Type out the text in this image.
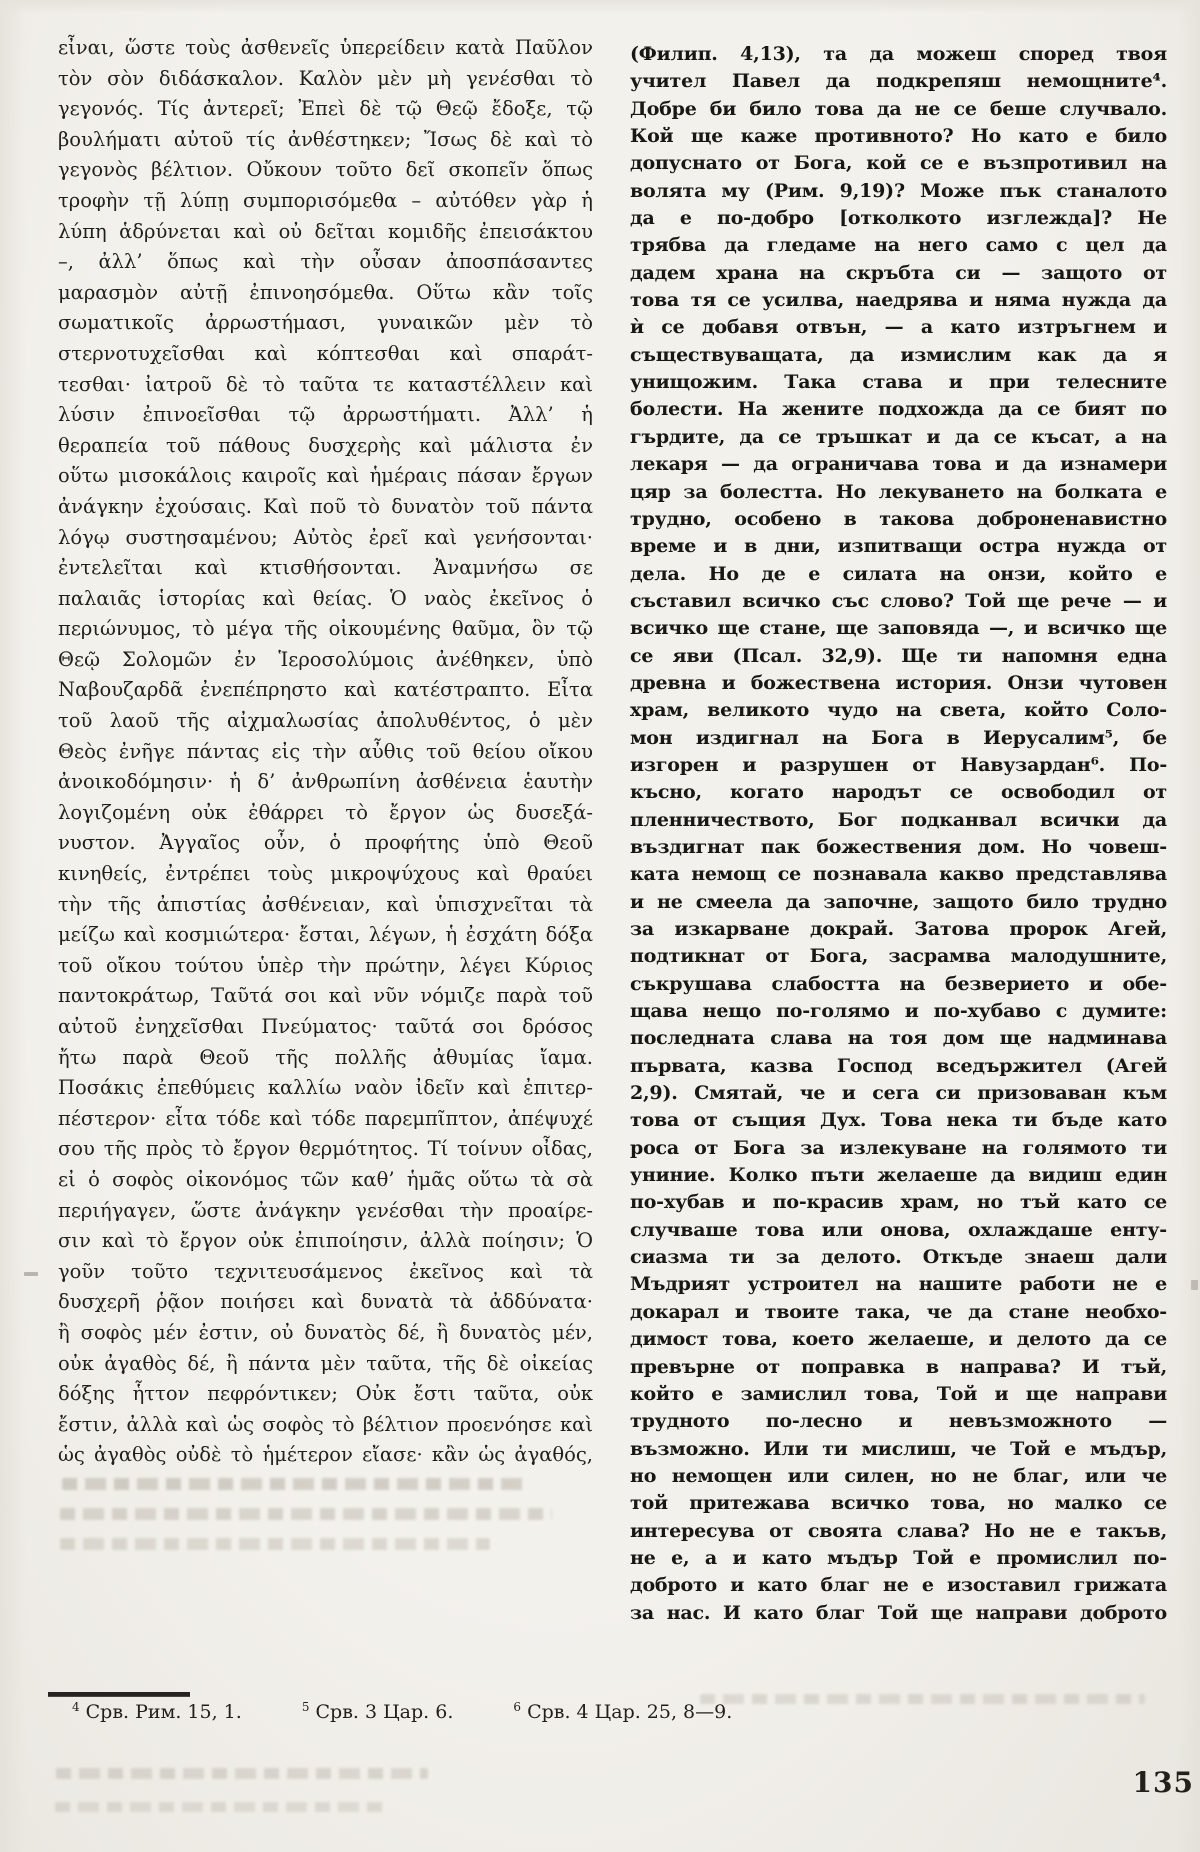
εἶναι, ὥστε τοὺς ἀσθενεῖς ὑπερείδειν κατὰ Παῦλον
τὸν σὸν διδάσκαλον. Καλὸν μὲν μὴ γενέσθαι τὸ
γεγονός. Τίς ἀντερεῖ; Ἐπεὶ δὲ τῷ Θεῷ ἔδοξε, τῷ
βουλήματι αὐτοῦ τίς ἀνθέστηκεν; Ἴσως δὲ καὶ τὸ
γεγονὸς βέλτιον. Οὔκουν τοῦτο δεῖ σκοπεῖν ὅπως
τροφὴν τῇ λύπῃ συμπορισόμεθα – αὐτόθεν γὰρ ἡ
λύπη ἁδρύνεται καὶ οὐ δεῖται κομιδῆς ἐπεισάκτου
–, ἀλλ’ ὅπως καὶ τὴν οὖσαν ἀποσπάσαντες
μαρασμὸν αὐτῇ ἐπινοησόμεθα. Οὕτω κἂν τοῖς
σωματικοῖς ἀρρωστήμασι, γυναικῶν μὲν τὸ
στερνοτυχεῖσθαι καὶ κόπτεσθαι καὶ σπαράτ-
τεσθαι· ἰατροῦ δὲ τὸ ταῦτα τε καταστέλλειν καὶ
λύσιν ἐπινοεῖσθαι τῷ ἀρρωστήματι. Ἀλλ’ ἡ
θεραπεία τοῦ πάθους δυσχερὴς καὶ μάλιστα ἐν
οὕτω μισοκάλοις καιροῖς καὶ ἡμέραις πάσαν ἔργων
ἀνάγκην ἐχούσαις. Καὶ ποῦ τὸ δυνατὸν τοῦ πάντα
λόγῳ συστησαμένου; Αὐτὸς ἐρεῖ καὶ γενήσονται·
ἐντελεῖται καὶ κτισθήσονται. Ἀναμνήσω σε
παλαιᾶς ἱστορίας καὶ θείας. Ὁ ναὸς ἐκεῖνος ὁ
περιώνυμος, τὸ μέγα τῆς οἰκουμένης θαῦμα, ὃν τῷ
Θεῷ Σολομῶν ἐν Ἱεροσολύμοις ἀνέθηκεν, ὑπὸ
Ναβουζαρδᾶ ἐνεπέπρηστο καὶ κατέστραπτο. Εἶτα
τοῦ λαοῦ τῆς αἰχμαλωσίας ἀπολυθέντος, ὁ μὲν
Θεὸς ἐνῆγε πάντας εἰς τὴν αὖθις τοῦ θείου οἴκου
ἀνοικοδόμησιν· ἡ δ’ ἀνθρωπίνη ἀσθένεια ἑαυτὴν
λογιζομένη οὐκ ἐθάρρει τὸ ἔργον ὡς δυσεξά-
νυστον. Ἀγγαῖος οὖν, ὁ προφήτης ὑπὸ Θεοῦ
κινηθείς, ἐντρέπει τοὺς μικροψύχους καὶ θραύει
τὴν τῆς ἀπιστίας ἀσθένειαν, καὶ ὑπισχνεῖται τὰ
μείζω καὶ κοσμιώτερα· ἔσται, λέγων, ἡ ἐσχάτη δόξα
τοῦ οἴκου τούτου ὑπὲρ τὴν πρώτην, λέγει Κύριος
παντοκράτωρ, Ταῦτά σοι καὶ νῦν νόμιζε παρὰ τοῦ
αὐτοῦ ἐνηχεῖσθαι Πνεύματος· ταῦτά σοι δρόσος
ἤτω παρὰ Θεοῦ τῆς πολλῆς ἀθυμίας ἴαμα.
Ποσάκις ἐπεθύμεις καλλίω ναὸν ἰδεῖν καὶ ἐπιτερ-
πέστερον· εἶτα τόδε καὶ τόδε παρεμπῖπτον, ἀπέψυχέ
σου τῆς πρὸς τὸ ἔργον θερμότητος. Τί τοίνυν οἶδας,
εἰ ὁ σοφὸς οἰκονόμος τῶν καθ’ ἡμᾶς οὕτω τὰ σὰ
περιήγαγεν, ὥστε ἀνάγκην γενέσθαι τὴν προαίρε-
σιν καὶ τὸ ἔργον οὐκ ἐπιποίησιν, ἀλλὰ ποίησιν; Ὁ
γοῦν τοῦτο τεχνιτευσάμενος ἐκεῖνος καὶ τὰ
δυσχερῆ ῥᾷον ποιήσει καὶ δυνατὰ τὰ ἀδδύνατα·
ἢ σοφὸς μέν ἐστιν, οὐ δυνατὸς δέ, ἢ δυνατὸς μέν,
οὐκ ἀγαθὸς δέ, ἢ πάντα μὲν ταῦτα, τῆς δὲ οἰκείας
δόξης ἧττον πεφρόντικεν; Οὐκ ἔστι ταῦτα, οὐκ
ἔστιν, ἀλλὰ καὶ ὡς σοφὸς τὸ βέλτιον προενόησε καὶ
ὡς ἀγαθὸς οὐδὲ τὸ ἡμέτερον εἴασε· κἂν ὡς ἀγαθός,
(Филип. 4,13), та да можеш според твоя
учител Павел да подкрепяш немощните⁴.
Добре би било това да не се беше случвало.
Кой ще каже противното? Но като е било
допуснато от Бога, кой се е възпротивил на
волята му (Рим. 9,19)? Може пък станалото
да е по-добро [отколкото изглежда]? Не
трябва да гледаме на него само с цел да
дадем храна на скръбта си — защото от
това тя се усилва, наедрява и няма нужда да
ѝ се добавя отвън, — а като изтръгнем и
съществуващата, да измислим как да я
унищожим. Така става и при телесните
болести. На жените подхожда да се бият по
гърдите, да се тръшкат и да се късат, а на
лекаря — да ограничава това и да изнамери
цяр за болестта. Но лекуването на болката е
трудно, особено в такова доброненавистно
време и в дни, изпитващи остра нужда от
дела. Но де е силата на онзи, който е
съставил всичко със слово? Той ще рече — и
всичко ще стане, ще заповяда —, и всичко ще
се яви (Псал. 32,9). Ще ти напомня една
древна и божествена история. Онзи чутовен
храм, великото чудо на света, който Соло-
мон издигнал на Бога в Иерусалим⁵, бе
изгорен и разрушен от Навузардан⁶. По-
късно, когато народът се освободил от
пленничеството, Бог подканвал всички да
въздигнат пак божествения дом. Но човеш-
ката немощ се познавала какво представлява
и не смеела да започне, защото било трудно
за изкарване докрай. Затова пророк Агей,
подтикнат от Бога, засрамва малодушните,
съкрушава слабостта на безверието и обе-
щава нещо по-голямо и по-хубаво с думите:
последната слава на тоя дом ще надминава
първата, казва Господ вседържител (Агей
2,9). Смятай, че и сега си призоваван към
това от същия Дух. Това нека ти бъде като
роса от Бога за излекуване на голямото ти
униние. Колко пъти желаеше да видиш един
по-хубав и по-красив храм, но тъй като се
случваше това или онова, охлаждаше енту-
сиазма ти за делото. Откъде знаеш дали
Мъдрият устроител на нашите работи не е
докарал и твоите така, че да стане необхо-
димост това, което желаеше, и делото да се
превърне от поправка в направа? И тъй,
който е замислил това, Той и ще направи
трудното по-лесно и невъзможното —
възможно. Или ти мислиш, че Той е мъдър,
но немощен или силен, но не благ, или че
той притежава всичко това, но малко се
интересува от своята слава? Но не е такъв,
не е, а и като мъдър Той е промислил по-
доброто и като благ не е изоставил грижата
за нас. И като благ Той ще направи доброто
$^4$ Срв. Рим. 15, 1.	$^5$ Срв. 3 Цар. 6.	$^6$ Срв. 4 Цар. 25, 8—9.
135
